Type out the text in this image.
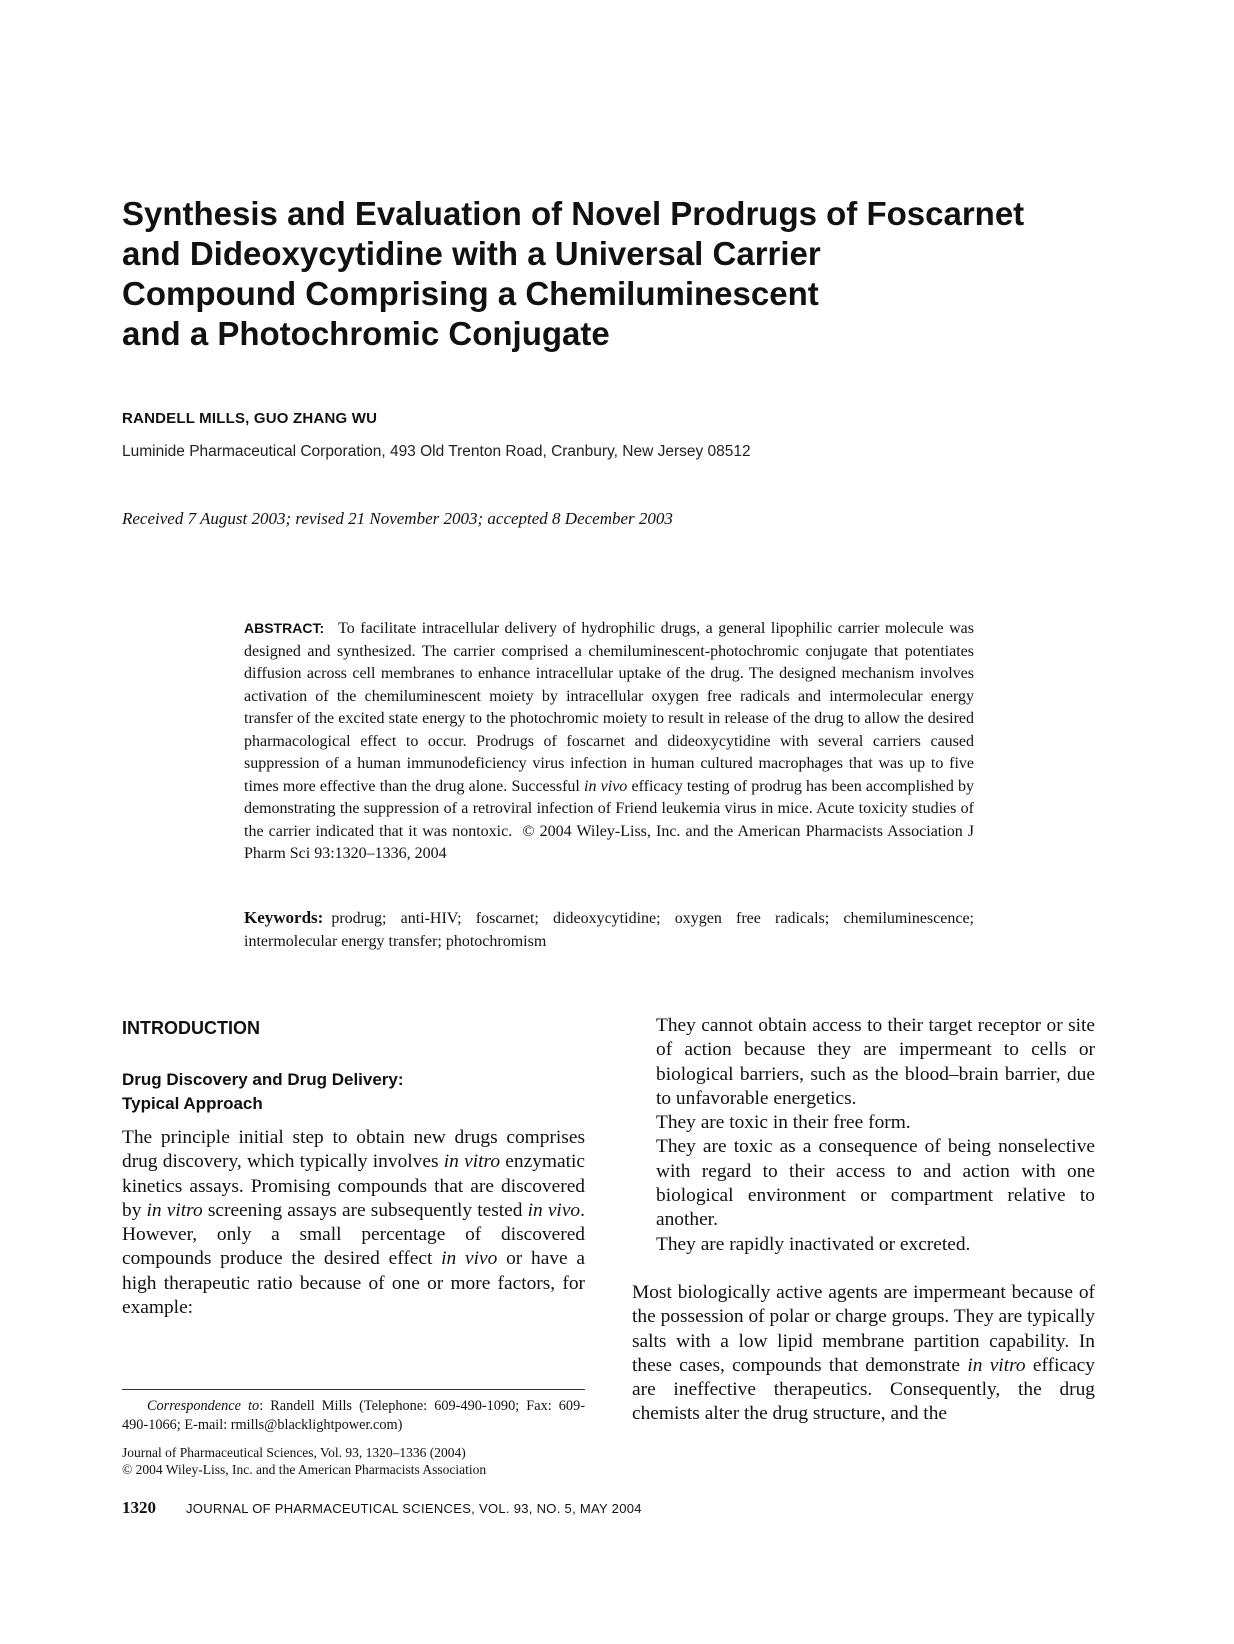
Synthesis and Evaluation of Novel Prodrugs of Foscarnet
and Dideoxycytidine with a Universal Carrier
Compound Comprising a Chemiluminescent
and a Photochromic Conjugate

RANDELL MILLS, GUO ZHANG WU

Luminide Pharmaceutical Corporation, 493 Old Trenton Road, Cranbury, New Jersey 08512

Received 7 August 2003; revised 21 November 2003; accepted 8 December 2003

ABSTRACT: To facilitate intracellular delivery of hydrophilic drugs, a general lipophilic carrier molecule was designed and synthesized. The carrier comprised a chemiluminescent-photochromic conjugate that potentiates diffusion across cell membranes to enhance intracellular uptake of the drug. The designed mechanism involves activation of the chemiluminescent moiety by intracellular oxygen free radicals and intermolecular energy transfer of the excited state energy to the photochromic moiety to result in release of the drug to allow the desired pharmacological effect to occur. Prodrugs of foscarnet and dideoxycytidine with several carriers caused suppression of a human immunodeficiency virus infection in human cultured macrophages that was up to five times more effective than the drug alone. Successful in vivo efficacy testing of prodrug has been accomplished by demonstrating the suppression of a retroviral infection of Friend leukemia virus in mice. Acute toxicity studies of the carrier indicated that it was nontoxic. © 2004 Wiley-Liss, Inc. and the American Pharmacists Association J Pharm Sci 93:1320–1336, 2004

Keywords: prodrug; anti-HIV; foscarnet; dideoxycytidine; oxygen free radicals; chemiluminescence; intermolecular energy transfer; photochromism

INTRODUCTION
Drug Discovery and Drug Delivery:
Typical Approach

The principle initial step to obtain new drugs comprises drug discovery, which typically involves in vitro enzymatic kinetics assays. Promising compounds that are discovered by in vitro screening assays are subsequently tested in vivo. However, only a small percentage of discovered compounds produce the desired effect in vivo or have a high therapeutic ratio because of one or more factors, for example:

Correspondence to: Randell Mills (Telephone: 609-490-1090; Fax: 609-490-1066; E-mail: rmills@blacklightpower.com)

Journal of Pharmaceutical Sciences, Vol. 93, 1320–1336 (2004)
© 2004 Wiley-Liss, Inc. and the American Pharmacists Association

They cannot obtain access to their target receptor or site of action because they are impermeant to cells or biological barriers, such as the blood–brain barrier, due to unfavorable energetics.
They are toxic in their free form.
They are toxic as a consequence of being nonselective with regard to their access to and action with one biological environment or compartment relative to another.
They are rapidly inactivated or excreted.

Most biologically active agents are impermeant because of the possession of polar or charge groups. They are typically salts with a low lipid membrane partition capability. In these cases, compounds that demonstrate in vitro efficacy are ineffective therapeutics. Consequently, the drug chemists alter the drug structure, and the

1320 JOURNAL OF PHARMACEUTICAL SCIENCES, VOL. 93, NO. 5, MAY 2004
